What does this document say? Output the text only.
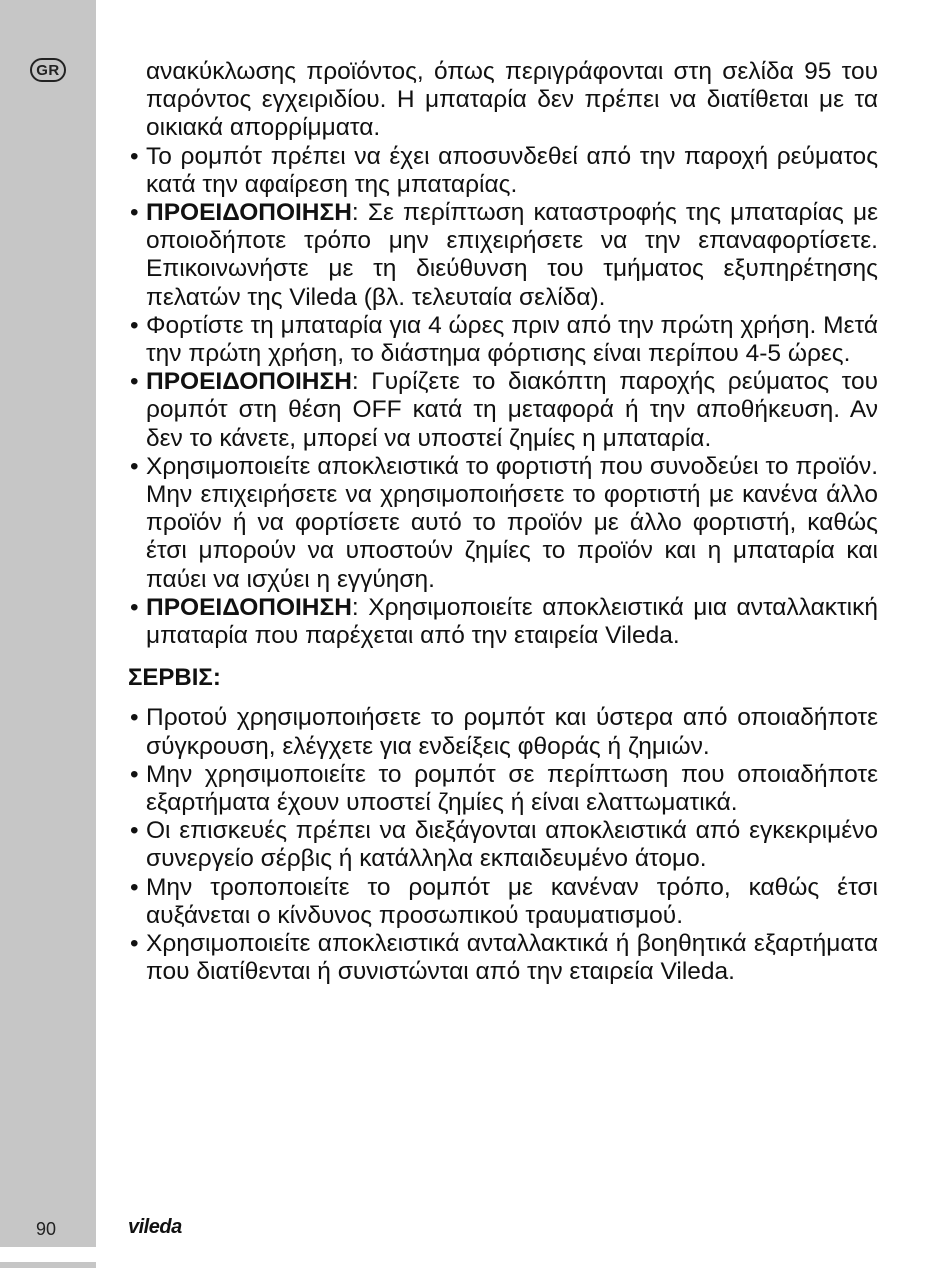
GR
90	vileda

ανακύκλωσης προϊόντος, όπως περιγράφονται στη σελίδα 95 του παρόντος εγχειριδίου. Η μπαταρία δεν πρέπει να διατίθεται με τα οικιακά απορρίμματα.

• Το ρομπότ πρέπει να έχει αποσυνδεθεί από την παροχή ρεύματος κατά την αφαίρεση της μπαταρίας.

• ΠΡΟΕΙΔΟΠΟΙΗΣΗ: Σε περίπτωση καταστροφής της μπαταρίας με οποιοδήποτε τρόπο μην επιχειρήσετε να την επαναφορτίσετε. Επικοινωνήστε με τη διεύθυνση του τμήματος εξυπηρέτησης πελατών της Vileda (βλ. τελευταία σελίδα).

• Φορτίστε τη μπαταρία για 4 ώρες πριν από την πρώτη χρήση. Μετά την πρώτη χρήση, το διάστημα φόρτισης είναι περίπου 4-5 ώρες.

• ΠΡΟΕΙΔΟΠΟΙΗΣΗ: Γυρίζετε το διακόπτη παροχής ρεύματος του ρομπότ στη θέση OFF κατά τη μεταφορά ή την αποθήκευση. Αν δεν το κάνετε, μπορεί να υποστεί ζημίες η μπαταρία.

• Χρησιμοποιείτε αποκλειστικά το φορτιστή που συνοδεύει το προϊόν. Μην επιχειρήσετε να χρησιμοποιήσετε το φορτιστή με κανένα άλλο προϊόν ή να φορτίσετε αυτό το προϊόν με άλλο φορτιστή, καθώς έτσι μπορούν να υποστούν ζημίες το προϊόν και η μπαταρία και παύει να ισχύει η εγγύηση.

• ΠΡΟΕΙΔΟΠΟΙΗΣΗ: Χρησιμοποιείτε αποκλειστικά μια ανταλλακτική μπαταρία που παρέχεται από την εταιρεία Vileda.

ΣΕΡΒΙΣ:

• Προτού χρησιμοποιήσετε το ρομπότ και ύστερα από οποιαδήποτε σύγκρουση, ελέγχετε για ενδείξεις φθοράς ή ζημιών.

• Μην χρησιμοποιείτε το ρομπότ σε περίπτωση που οποιαδήποτε εξαρτήματα έχουν υποστεί ζημίες ή είναι ελαττωματικά.

• Οι επισκευές πρέπει να διεξάγονται αποκλειστικά από εγκεκριμένο συνεργείο σέρβις ή κατάλληλα εκπαιδευμένο άτομο.

• Μην τροποποιείτε το ρομπότ με κανέναν τρόπο, καθώς έτσι αυξάνεται ο κίνδυνος προσωπικού τραυματισμού.

• Χρησιμοποιείτε αποκλειστικά ανταλλακτικά ή βοηθητικά εξαρτήματα που διατίθενται ή συνιστώνται από την εταιρεία Vileda.
